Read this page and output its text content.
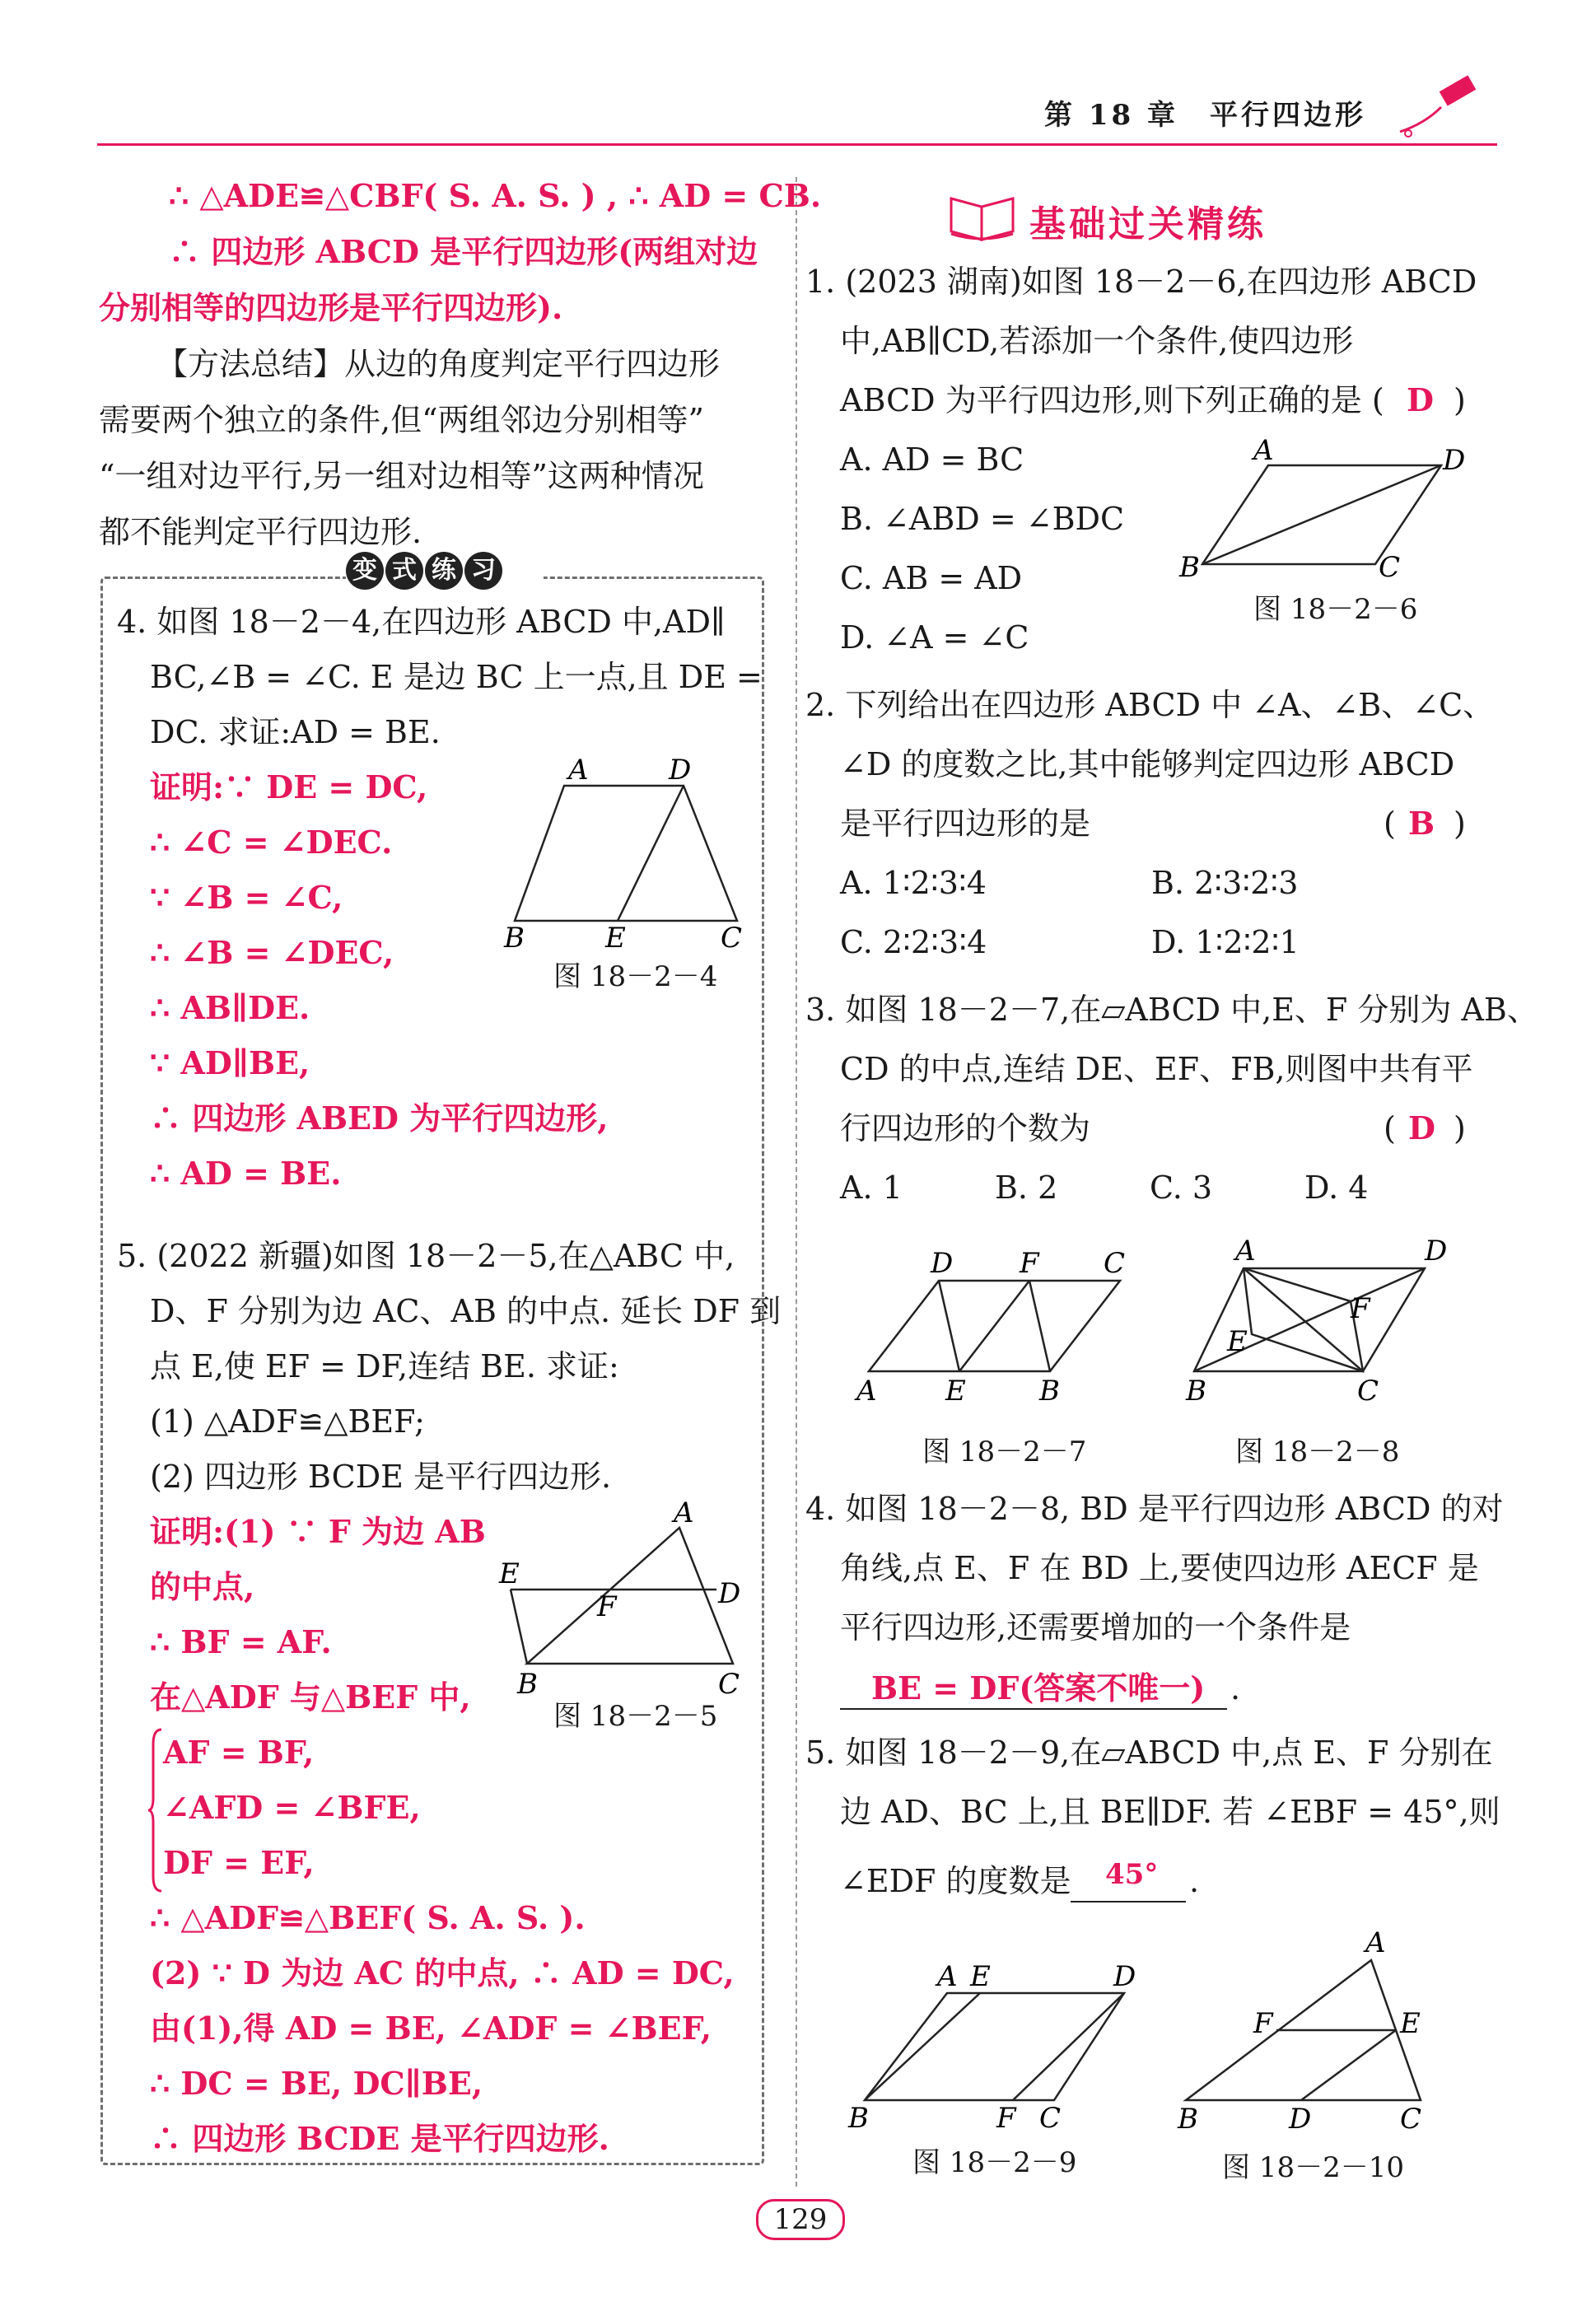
第 18 章　平行四边形
∴ △ADE≌△CBF( S. A. S. ) , ∴ AD = CB.
∴ 四边形 ABCD 是平行四边形(两组对边
分别相等的四边形是平行四边形).
【方法总结】从边的角度判定平行四边形
需要两个独立的条件,但“两组邻边分别相等”
“一组对边平行,另一组对边相等”这两种情况
都不能判定平行四边形.
变 式 练 习
4. 如图 18－2－4,在四边形 ABCD 中,AD∥
BC,∠B = ∠C. E 是边 BC 上一点,且 DE =
DC. 求证:AD = BE.
证明:∵ DE = DC,
∴ ∠C = ∠DEC.
∵ ∠B = ∠C,
∴ ∠B = ∠DEC,
∴ AB∥DE.
∵ AD∥BE,
∴ 四边形 ABED 为平行四边形,
∴ AD = BE.
A	D
B	E	C
图 18－2－4
5. (2022 新疆)如图 18－2－5,在△ABC 中,
D、F 分别为边 AC、AB 的中点. 延长 DF 到
点 E,使 EF = DF,连结 BE. 求证:
(1) △ADF≌△BEF;
(2) 四边形 BCDE 是平行四边形.
证明:(1) ∵ F 为边 AB
的中点,
∴ BF = AF.
在△ADF 与△BEF 中,
AF = BF,
∠AFD = ∠BFE,
DF = EF,
∴ △ADF≌△BEF( S. A. S. ).
(2) ∵ D 为边 AC 的中点, ∴ AD = DC,
由(1),得 AD = BE, ∠ADF = ∠BEF,
∴ DC = BE, DC∥BE,
∴ 四边形 BCDE 是平行四边形.
A
E
F	D
B	C
图 18－2－5
基础过关精练
1. (2023 湖南)如图 18－2－6,在四边形 ABCD
中,AB∥CD,若添加一个条件,使四边形
ABCD 为平行四边形,则下列正确的是 ( D )
A. AD = BC
B. ∠ABD = ∠BDC
C. AB = AD
D. ∠A = ∠C
A	D
B	C
图 18－2－6
2. 下列给出在四边形 ABCD 中 ∠A、∠B、∠C、
∠D 的度数之比,其中能够判定四边形 ABCD
是平行四边形的是	( B )
A. 1∶2∶3∶4	B. 2∶3∶2∶3
C. 2∶2∶3∶4	D. 1∶2∶2∶1
3. 如图 18－2－7,在▱ABCD 中,E、F 分别为 AB、
CD 的中点,连结 DE、EF、FB,则图中共有平
行四边形的个数为	( D )
A. 1	B. 2	C. 3	D. 4
D F C
A E	B
图 18－2－7
A	D
F
E
B	C
图 18－2－8
4. 如图 18－2－8, BD 是平行四边形 ABCD 的对
角线,点 E、F 在 BD 上,要使四边形 AECF 是
平行四边形,还需要增加的一个条件是
BE = DF(答案不唯一) .
5. 如图 18－2－9,在▱ABCD 中,点 E、F 分别在
边 AD、BC 上,且 BE∥DF. 若 ∠EBF = 45°,则
∠EDF 的度数是 45° .
A E	D
B	F C
图 18－2－9
A
F	E
B	D	C
图 18－2－10
129
